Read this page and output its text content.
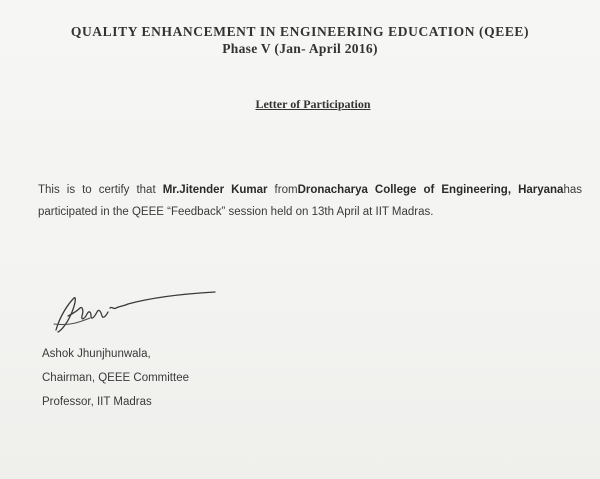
QUALITY ENHANCEMENT IN ENGINEERING EDUCATION (QEEE)
Phase V (Jan- April 2016)
Letter of Participation
This is to certify that Mr.Jitender Kumar fromDronacharya College of Engineering, Haryanahas participated in the QEEE “Feedback” session held on 13th April at IIT Madras.
Ashok Jhunjhunwala,
Chairman, QEEE Committee
Professor, IIT Madras
